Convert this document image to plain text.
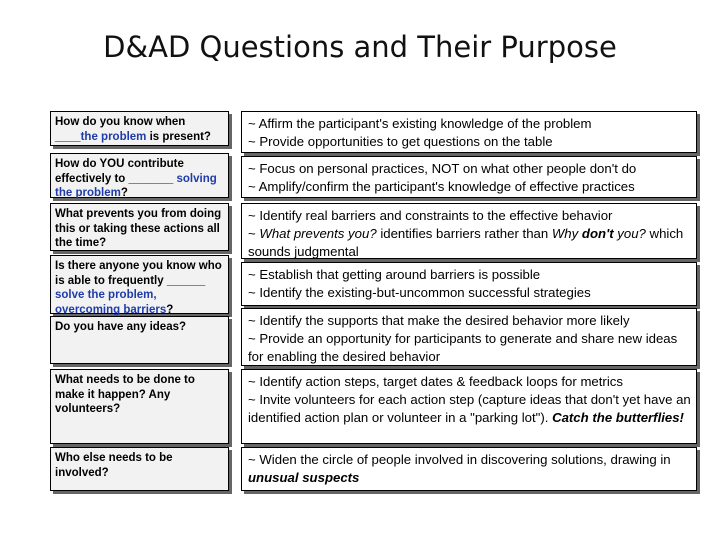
D&AD Questions and Their Purpose
How do you know when ____the problem is present?
~ Affirm the participant's existing knowledge of the problem
~ Provide opportunities to get questions on the table
How do YOU contribute effectively to _______ solving the problem?
~ Focus on personal practices, NOT on what other people don't do
~ Amplify/confirm the participant's knowledge of effective practices
What prevents you from doing this or taking these actions all the time?
~ Identify real barriers and constraints to the effective behavior
~ What prevents you? identifies barriers rather than Why don't you? which sounds judgmental
Is there anyone you know who is able to frequently ______ solve the problem, overcoming barriers?
~ Establish that getting around barriers is possible
~ Identify the existing-but-uncommon successful strategies
Do you have any ideas?	~ Identify the supports that make the desired behavior more likely
~ Provide an opportunity for participants to generate and share new ideas for enabling the desired behavior
What needs to be done to make it happen? Any volunteers?
~ Identify action steps, target dates & feedback loops for metrics
~ Invite volunteers for each action step (capture ideas that don't yet have an identified action plan or volunteer in a "parking lot"). Catch the butterflies!
Who else needs to be involved?
~ Widen the circle of people involved in discovering solutions, drawing in unusual suspects
